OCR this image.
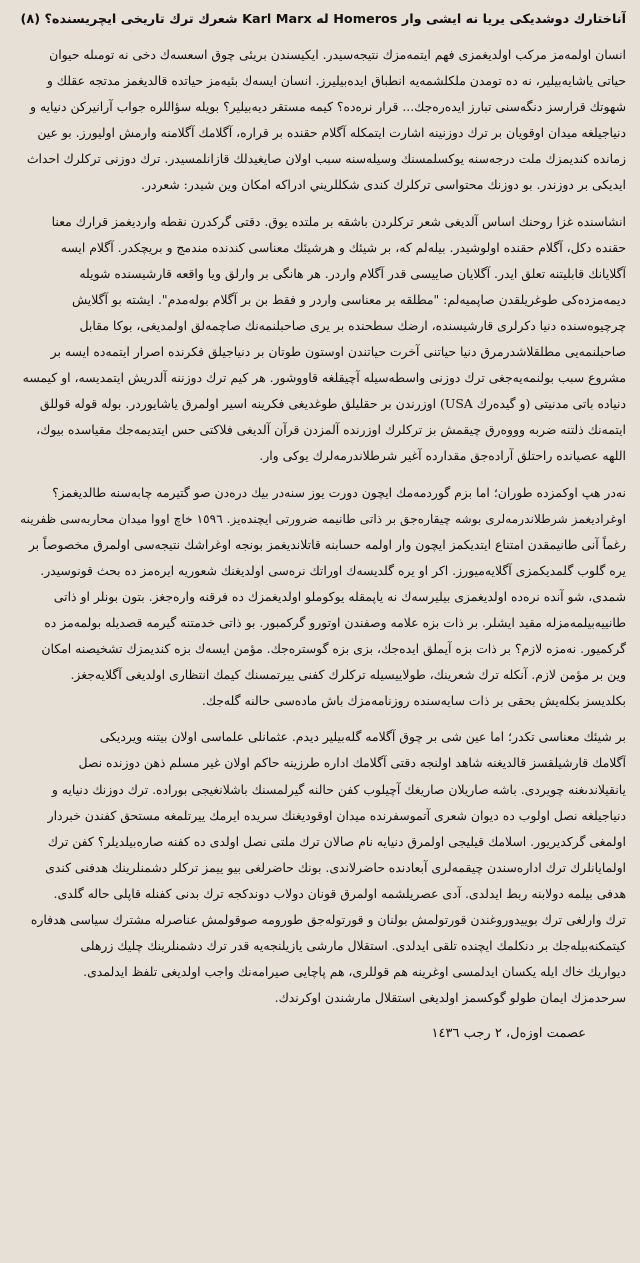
آناختارك دوشديكى يريا نه ايشى وار Homeros له Karl Marx شعرك ترك تاريخى ايچريسنده؟ (٨)
انسان اولمەمز مركب اولديغمزى فهم ايتمەمزك نتيجەسيدر. ايكيسندن بريئى چوق اسعسەك دخى نه تومىلە حيوان
حياتى ياشايەبيلير، نه ده تومدن ملكلشمەيە انطباق ايدەبيليرز. انسان ايسەك بئيەمز حياتده قالديغمز مدتجه عقلك و
شهوتك قرارسز دنگەسنى تبارز ايدەرەجك... قرار نرەده؟ كيمه مستقر ديەبيلير؟ بويلە سؤاللره جواب آرانيركن دنيايه و
دنياجيلغه ميدان اوقويان بر ترك دوزنينه اشارت ايتمكله آگلام حقنده بر قراره، آگلامك آگلامنه وارمش اوليورز. بو عين
زمانده كنديمزك ملت درجەسنه يوكسلمسنك وسيلەسنه سبب اولان صايغيدلك قازانلمسيدر. ترك دوزنى تركلرك احداث
ايديكى بر دوزندر. بو دوزنك محتواسى تركلرك كندى شكللريني ادراكه امكان وين شيدر: شعردر.
انشاسنده غزا روحنك اساس آلديغى شعر تركلردن باشقه بر ملتده يوق. دقتى گركدرن نقطه وارديغمز قرارك معنا
حقنده دكل، آگلام حقنده اولوشيدر. بيلەلم كه، بر شيئك و هرشيئك معناسى كندنده مندمج و بريچكدر. آگلام ايسه
آگلايانك قابليتنه تعلق ايدر. آگلايان صاييسى قدر آگلام واردر. هر هانگى بر وارلق ويا واقعه قارشيسنده شويله
ديمەمزده‌كى طوغريلقدن صاپميەلم: "مطلقه بر معناسى واردر و فقط بن بر آگلام بولەمدم". ايشته بو آگلايش
چرچيوەسنده دنيا دكرلرى قارشيسنده، ارضك سطحنده بر يرى صاحبلنمەنك صاچمەلق اولمديغى، بوكا مقابل
صاحبلنمەيى مطلقلاشدرمرق دنيا حياتنى آخرت حياتندن اوستون طوتان بر دنياجيلق فكرنده اصرار ايتمەده ايسه بر
مشروع سبب بولنمەيەجغى ترك دوزنى واسطەسيله آچيقلغه قاووشور. هر كيم ترك دوزننه آلدريش ايتمديسه، او كيمسه
دنياده باتى مدنيتى (و گيدەرك USA) اوزرندن بر حقليلق طوغديغى فكرينه اسير اولمرق ياشايوردر. بوله قوله قوللق
ايتمەنك ذلتنه ضربه وووەرق چيقمش بز تركلرك اوزرنده آلمزدن قرآن آلديغى فلاكتى حس ايتديمەجك مقياسده بيوك،
اللهه عصيانده راحتلق آرادەجق مقدارده آغير شرطلاندرمەلرك يوكى وار.
نەدر هپ اوكمزده طوران؛ اما بزم گوردمەمك ايچون دورت يوز سنەدر بيك درەدن صو گتيرمه چابەسنه طالديغمز؟
اوغراديغمز شرطلاندرمەلرى بوشه چيقارەجق بر ذاتى طانيمه ضرورتى ايچندەيز. ١٥٩٦ خاچ اووا ميدان محاربەسى ظفرينه
رغماً آنى طانيمقدن امتناع ايتديكمز ايچون وار اولمه حسابنه قاتلانديغمز بونجه اوغراشك نتيجەسى اولمرق مخصوصاً بر
يره گلوب گلمديكمزى آگلايەميورز. اكر او يره گلديسەك اوراتك نرەسى اولديغنك شعوريه ايرەمز ده بحث قونوسيدر.
شمدى، شو آنده نرەده اولديغمزى بيليرسەك نه ياپمقله يوكوملو اولديغمزك ده فرقنه وارەجغز. بتون بونلر او ذاتى
طانييەبيلمەمزله مقيد ايشلر. بر ذات بزه علامه وصفندن اوتورو گركمبور. بو ذاتى خدمتنه گيرمه قصديله بولمەمز ده
گركميور. نەمزه لازم؟ بر ذات بزه آيملق ايدەجك، بزى بزه گوسترەجك. مؤمن ايسەك بزه كنديمزك تشخيصنه امكان
وين بر مؤمن لازم. آنكله ترك شعرينك، طولاييسيله تركلرك كفنى ييرتمسنك كيمك انتظارى اولديغى آگلايەجغز.
بكلديسز بكلەيش بحقى بر ذات سايەسنده روزنامەمزك باش مادەسى حالنه گلەجك.
بر شيئك معناسى تكدر؛ اما عين شى بر چوق آگلامه گلەبيلير ديدم. عثمانلى علماسى اولان بيتنه ويرديكى
آگلامك قارشيلقسز قالديغنه شاهد اولنجه دقتى آگلامك اداره طرزينه حاكم اولان غير مسلم ذهن دوزنده نصل
يانقيلاندىغنه چويردى. باشه صاريلان صاريغك آچيلوب كفن حالنه گيرلمسنك باشلانغيجى بوراده. ترك دوزنك دنيايه و
دنياجيلغه نصل اولوب ده ديوان شعرى آتموسفرنده ميدان اوقوديغنك سريده ايرمك ييرتلمغه مستحق كفندن خبردار
اولمغى گركديريور. اسلامك قيليجى اولمرق دنيايه نام صالان ترك ملتى نصل اولدى ده كفنه صارەبيلديلر؟ كفن ترك
اولمايانلرك ترك ادارەسندن چيقمەلرى آبعادنده حاضرلاندى. بونك حاضرلغى بيو ييمز تركلر دشمنلرينك هدفنى كندى
هدفى بيلمه دولابنه ربط ايدلدى. آدى عصريلشمه اولمرق قونان دولاب دوندكجه ترك بدنى كفنله قاپلى حاله گلدى.
ترك وارلغى ترك بوييدوروغندن قورتولمش بولنان و قورتولەجق طورومه صوقولمش عناصرله مشترك سياسى هدفاره
كيتمكنه‌بيلەجك بر دنكلمك ايچنده تلقى ايدلدى. استقلال مارشى يازيلنجەيه قدر ترك دشمنلرينك چليك زرهلى
ديواريك خاك ايله يكسان ايدلمسى اوغرينه هم قوللرى، هم پاچايى صيرامەنك واجب اولديغى تلفظ ايدلمدى.
سرحدمزك ايمان طولو گوكسمز اولديغى استقلال مارشندن اوكرندك.
عصمت اوزەل، ٢ رجب ١٤٣٦
